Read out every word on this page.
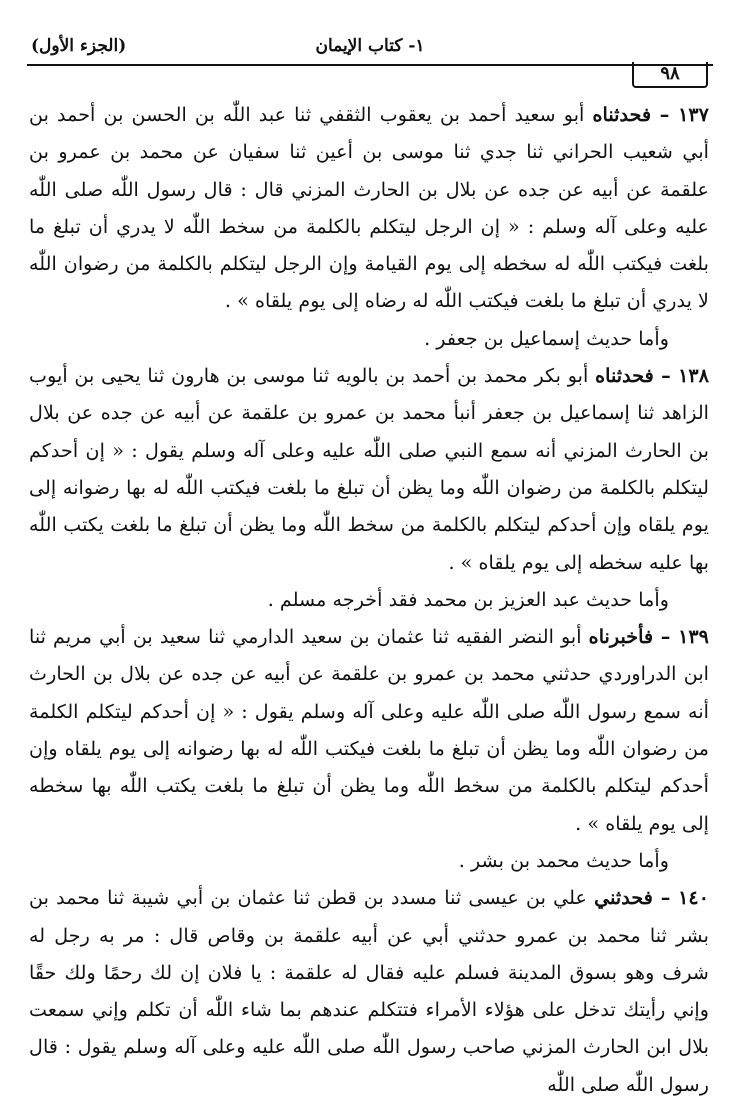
(الجزء الأول)	١- كتاب الإيمان
٩٨

١٣٧ – فحدثناه أبو سعيد أحمد بن يعقوب الثقفي ثنا عبد اللّٰه بن الحسن بن أحمد بن أبي شعيب الحراني ثنا جدي ثنا موسى بن أعين ثنا سفيان عن محمد بن عمرو بن علقمة عن أبيه عن جده عن بلال بن الحارث المزني قال : قال رسول اللّٰه صلى اللّٰه عليه وعلى آله وسلم : « إن الرجل ليتكلم بالكلمة من سخط اللّٰه لا يدري أن تبلغ ما بلغت فيكتب اللّٰه له سخطه إلى يوم القيامة وإن الرجل ليتكلم بالكلمة من رضوان اللّٰه لا يدري أن تبلغ ما بلغت فيكتب اللّٰه له رضاه إلى يوم يلقاه » .

وأما حديث إسماعيل بن جعفر .

١٣٨ – فحدثناه أبو بكر محمد بن أحمد بن بالويه ثنا موسى بن هارون ثنا يحيى بن أيوب الزاهد ثنا إسماعيل بن جعفر أنبأ محمد بن عمرو بن علقمة عن أبيه عن جده عن بلال بن الحارث المزني أنه سمع النبي صلى اللّٰه عليه وعلى آله وسلم يقول : « إن أحدكم ليتكلم بالكلمة من رضوان اللّٰه وما يظن أن تبلغ ما بلغت فيكتب اللّٰه له بها رضوانه إلى يوم يلقاه وإن أحدكم ليتكلم بالكلمة من سخط اللّٰه وما يظن أن تبلغ ما بلغت يكتب اللّٰه بها عليه سخطه إلى يوم يلقاه » .

وأما حديث عبد العزيز بن محمد فقد أخرجه مسلم .

١٣٩ – فأخبرناه أبو النضر الفقيه ثنا عثمان بن سعيد الدارمي ثنا سعيد بن أبي مريم ثنا ابن الدراوردي حدثني محمد بن عمرو بن علقمة عن أبيه عن جده عن بلال بن الحارث أنه سمع رسول اللّٰه صلى اللّٰه عليه وعلى آله وسلم يقول : « إن أحدكم ليتكلم الكلمة من رضوان اللّٰه وما يظن أن تبلغ ما بلغت فيكتب اللّٰه له بها رضوانه إلى يوم يلقاه وإن أحدكم ليتكلم بالكلمة من سخط اللّٰه وما يظن أن تبلغ ما بلغت يكتب اللّٰه بها سخطه إلى يوم يلقاه » .

وأما حديث محمد بن بشر .

١٤٠ – فحدثني علي بن عيسى ثنا مسدد بن قطن ثنا عثمان بن أبي شيبة ثنا محمد بن بشر ثنا محمد بن عمرو حدثني أبي عن أبيه علقمة بن وقاص قال : مر به رجل له شرف وهو بسوق المدينة فسلم عليه فقال له علقمة : يا فلان إن لك رحمًا ولك حقًا وإني رأيتك تدخل على هؤلاء الأمراء فتتكلم عندهم بما شاء اللّٰه أن تكلم وإني سمعت بلال ابن الحارث المزني صاحب رسول اللّٰه صلى اللّٰه عليه وعلى آله وسلم يقول : قال رسول اللّٰه صلى اللّٰه
